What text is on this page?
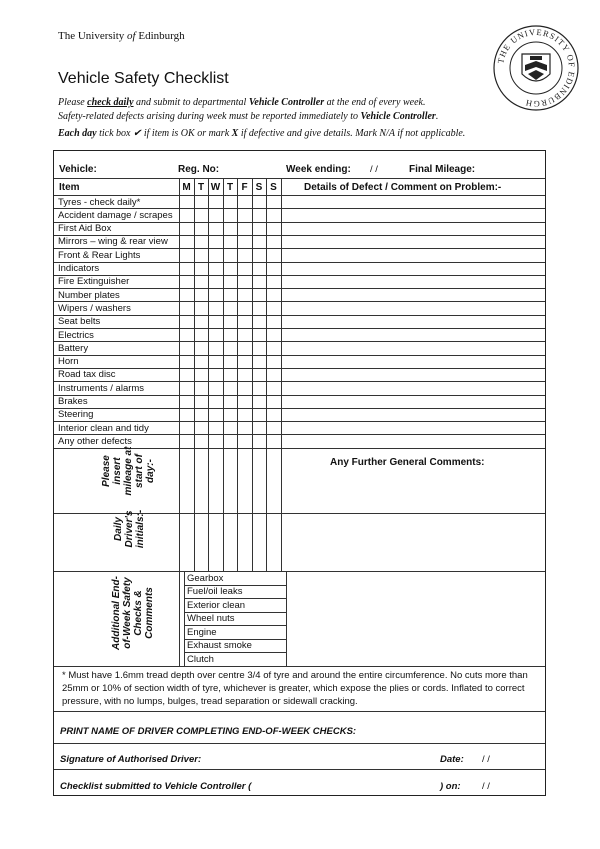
The University of Edinburgh
Vehicle Safety Checklist
Please check daily and submit to departmental Vehicle Controller at the end of every week.
Safety-related defects arising during week must be reported immediately to Vehicle Controller.
Each day tick box ✔ if item is OK or mark X if defective and give details. Mark N/A if not applicable.
THE UNIVERSITY OF EDINBURGH
Vehicle:	Reg. No:	Week ending: / /	Final Mileage:
Item	M T W T F S S	Details of Defect / Comment on Problem:-
Tyres - check daily*
Accident damage / scrapes
First Aid Box
Mirrors – wing & rear view
Front & Rear Lights
Indicators
Fire Extinguisher
Number plates
Wipers / washers
Seat belts
Electrics
Battery
Horn
Road tax disc
Instruments / alarms
Brakes
Steering
Interior clean and tidy
Any other defects
Please insert mileage at start of day:-
Daily Driver's initials:-
Any Further General Comments:
Additional End-of-Week Safety Checks & Comments
Gearbox
Fuel/oil leaks
Exterior clean
Wheel nuts
Engine
Exhaust smoke
Clutch
* Must have 1.6mm tread depth over centre 3/4 of tyre and around the entire circumference. No cuts more than 25mm or 10% of section width of tyre, whichever is greater, which expose the plies or cords. Inflated to correct pressure, with no lumps, bulges, tread separation or sidewall cracking.
PRINT NAME OF DRIVER COMPLETING END-OF-WEEK CHECKS:
Signature of Authorised Driver:	Date: / /
Checklist submitted to Vehicle Controller (	) on: / /
